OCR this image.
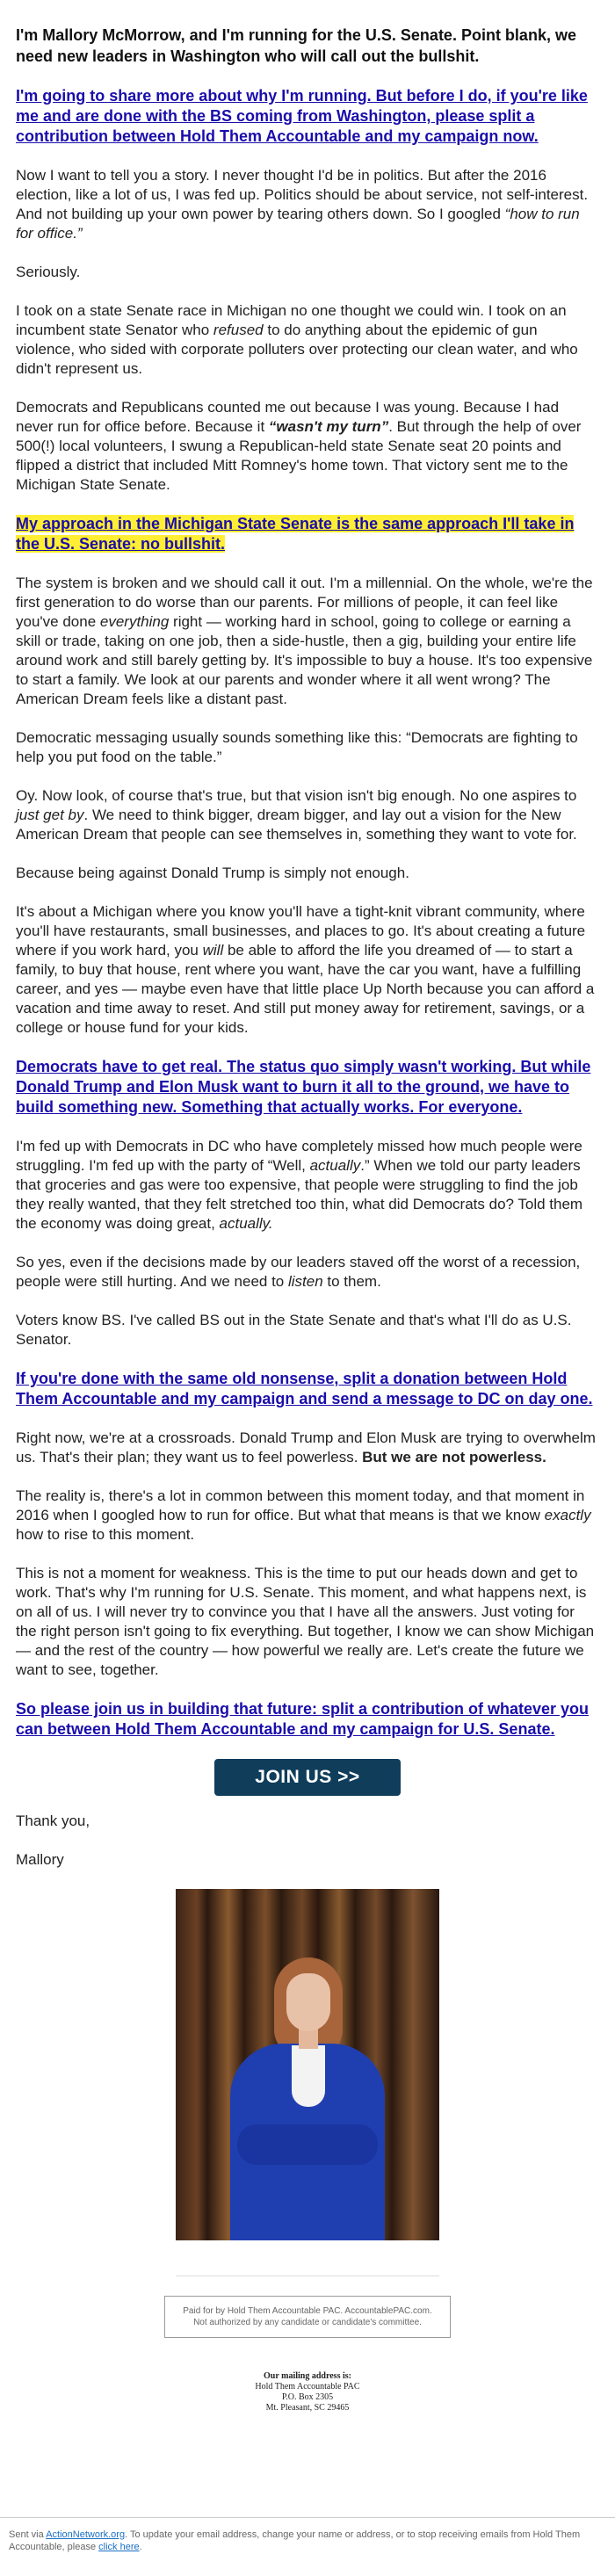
I'm Mallory McMorrow, and I'm running for the U.S. Senate. Point blank, we need new leaders in Washington who will call out the bullshit.
I'm going to share more about why I'm running. But before I do, if you're like me and are done with the BS coming from Washington, please split a contribution between Hold Them Accountable and my campaign now.
Now I want to tell you a story. I never thought I'd be in politics. But after the 2016 election, like a lot of us, I was fed up. Politics should be about service, not self-interest. And not building up your own power by tearing others down. So I googled “how to run for office.”
Seriously.
I took on a state Senate race in Michigan no one thought we could win. I took on an incumbent state Senator who refused to do anything about the epidemic of gun violence, who sided with corporate polluters over protecting our clean water, and who didn't represent us.
Democrats and Republicans counted me out because I was young. Because I had never run for office before. Because it “wasn't my turn”. But through the help of over 500(!) local volunteers, I swung a Republican-held state Senate seat 20 points and flipped a district that included Mitt Romney's home town. That victory sent me to the Michigan State Senate.
My approach in the Michigan State Senate is the same approach I'll take in the U.S. Senate: no bullshit.
The system is broken and we should call it out. I'm a millennial. On the whole, we're the first generation to do worse than our parents. For millions of people, it can feel like you've done everything right — working hard in school, going to college or earning a skill or trade, taking on one job, then a side-hustle, then a gig, building your entire life around work and still barely getting by. It's impossible to buy a house. It's too expensive to start a family. We look at our parents and wonder where it all went wrong? The American Dream feels like a distant past.
Democratic messaging usually sounds something like this: “Democrats are fighting to help you put food on the table.”
Oy. Now look, of course that's true, but that vision isn't big enough. No one aspires to just get by. We need to think bigger, dream bigger, and lay out a vision for the New American Dream that people can see themselves in, something they want to vote for.
Because being against Donald Trump is simply not enough.
It's about a Michigan where you know you'll have a tight-knit vibrant community, where you'll have restaurants, small businesses, and places to go. It's about creating a future where if you work hard, you will be able to afford the life you dreamed of — to start a family, to buy that house, rent where you want, have the car you want, have a fulfilling career, and yes — maybe even have that little place Up North because you can afford a vacation and time away to reset. And still put money away for retirement, savings, or a college or house fund for your kids.
Democrats have to get real. The status quo simply wasn't working. But while Donald Trump and Elon Musk want to burn it all to the ground, we have to build something new. Something that actually works. For everyone.
I'm fed up with Democrats in DC who have completely missed how much people were struggling. I'm fed up with the party of “Well, actually.” When we told our party leaders that groceries and gas were too expensive, that people were struggling to find the job they really wanted, that they felt stretched too thin, what did Democrats do? Told them the economy was doing great, actually.
So yes, even if the decisions made by our leaders staved off the worst of a recession, people were still hurting. And we need to listen to them.
Voters know BS. I've called BS out in the State Senate and that's what I'll do as U.S. Senator.
If you're done with the same old nonsense, split a donation between Hold Them Accountable and my campaign and send a message to DC on day one.
Right now, we're at a crossroads. Donald Trump and Elon Musk are trying to overwhelm us. That's their plan; they want us to feel powerless. But we are not powerless.
The reality is, there's a lot in common between this moment today, and that moment in 2016 when I googled how to run for office. But what that means is that we know exactly how to rise to this moment.
This is not a moment for weakness. This is the time to put our heads down and get to work. That's why I'm running for U.S. Senate. This moment, and what happens next, is on all of us. I will never try to convince you that I have all the answers. Just voting for the right person isn't going to fix everything. But together, I know we can show Michigan — and the rest of the country — how powerful we really are. Let's create the future we want to see, together.
So please join us in building that future: split a contribution of whatever you can between Hold Them Accountable and my campaign for U.S. Senate.
JOIN US >>
Thank you,
Mallory
Paid for by Hold Them Accountable PAC. AccountablePAC.com. Not authorized by any candidate or candidate's committee.
Our mailing address is:
Hold Them Accountable PAC
P.O. Box 2305
Mt. Pleasant, SC 29465
Sent via ActionNetwork.org. To update your email address, change your name or address, or to stop receiving emails from Hold Them Accountable, please click here.
